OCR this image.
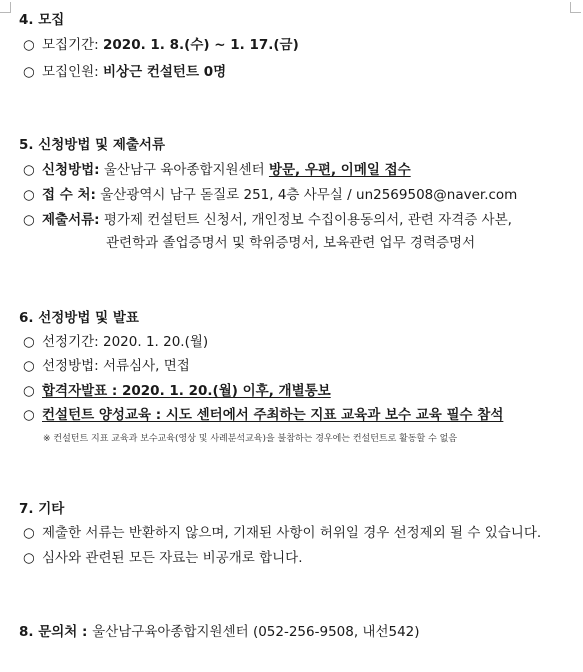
4. 모집
○ 모집기간: 2020. 1. 8.(수) ~ 1. 17.(금)
○ 모집인원: 비상근 컨설턴트 0명
5. 신청방법 및 제출서류
○ 신청방법: 울산남구 육아종합지원센터 방문, 우편, 이메일 접수
○ 접 수 처: 울산광역시 남구 돋질로 251, 4층 사무실 / un2569508@naver.com
○ 제출서류: 평가제 컨설턴트 신청서, 개인정보 수집이용동의서, 관련 자격증 사본,
관련학과 졸업증명서 및 학위증명서, 보육관련 업무 경력증명서
6. 선정방법 및 발표
○ 선정기간: 2020. 1. 20.(월)
○ 선정방법: 서류심사, 면접
○ 합격자발표 : 2020. 1. 20.(월) 이후, 개별통보
○ 컨설턴트 양성교육 : 시도 센터에서 주최하는 지표 교육과 보수 교육 필수 참석
※ 컨설턴트 지표 교육과 보수교육(영상 및 사례분석교육)을 불참하는 경우에는 컨설턴트로 활동할 수 없음
7. 기타
○ 제출한 서류는 반환하지 않으며, 기재된 사항이 허위일 경우 선정제외 될 수 있습니다.
○ 심사와 관련된 모든 자료는 비공개로 합니다.
8. 문의처 : 울산남구육아종합지원센터 (052-256-9508, 내선542)
